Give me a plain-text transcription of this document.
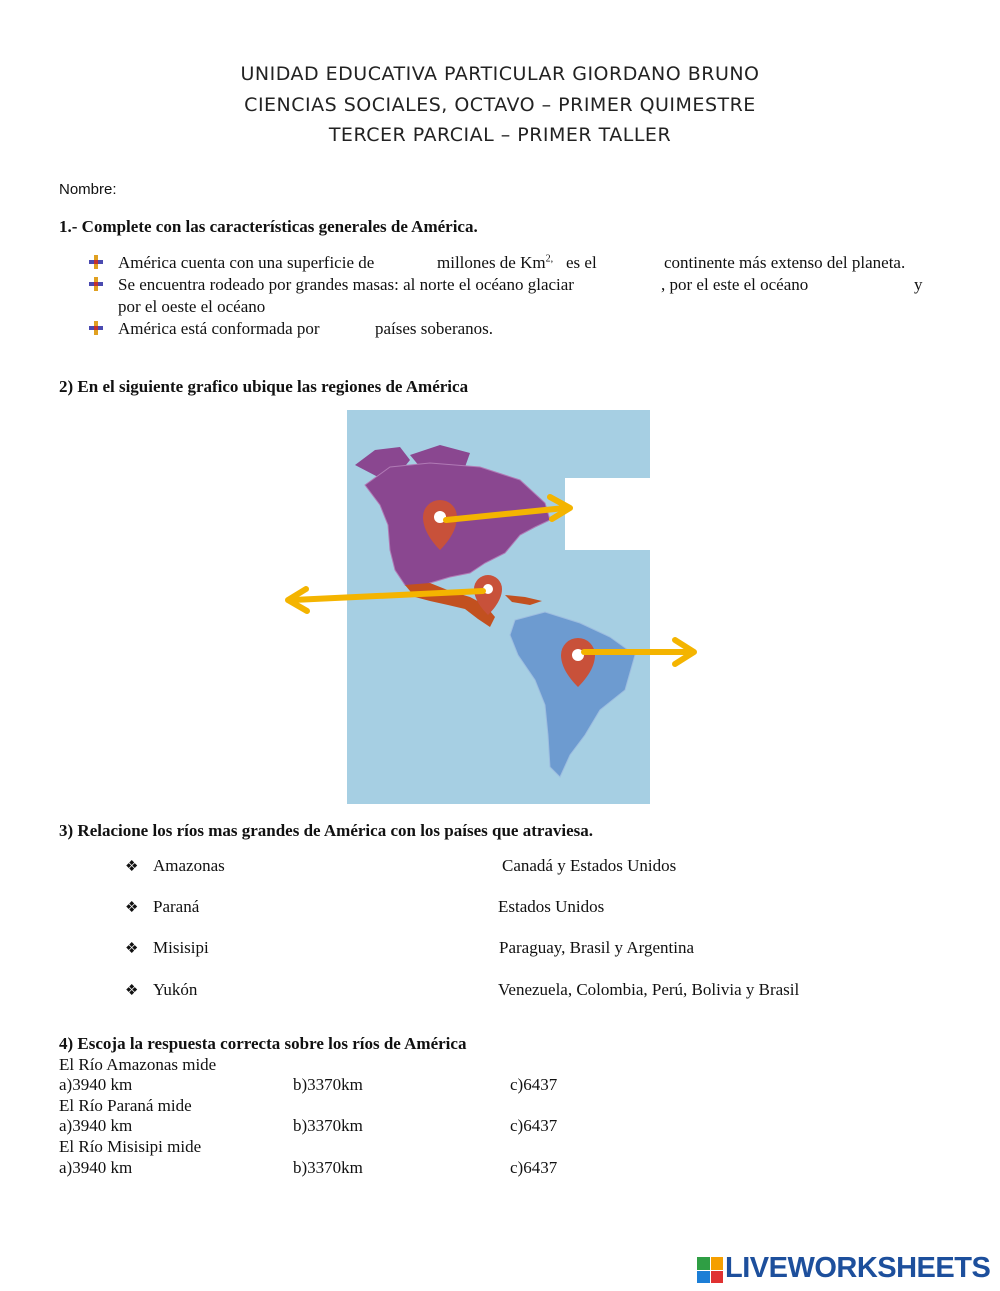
UNIDAD EDUCATIVA PARTICULAR GIORDANO BRUNO
CIENCIAS SOCIALES, OCTAVO – PRIMER QUIMESTRE
TERCER PARCIAL – PRIMER TALLER
Nombre:
1.- Complete con las características generales de América.
América cuenta con una superficie de	millones de $Km^{2,}$ es el	continente más extenso del planeta.
Se encuentra rodeado por grandes masas: al norte el océano glaciar	, por el este el océano	y
por el oeste el océano
América está conformada por	países soberanos.
2) En el siguiente grafico ubique las regiones de América
3) Relacione los ríos mas grandes de América con los países que atraviesa.
❖ Amazonas	Canadá y Estados Unidos
❖ Paraná	Estados Unidos
❖ Misisipi	Paraguay, Brasil y Argentina
❖ Yukón	Venezuela, Colombia, Perú, Bolivia y Brasil
4) Escoja la respuesta correcta sobre los ríos de América
El Río Amazonas mide
a)3940 km	b)3370km	c)6437
El Río Paraná mide
a)3940 km	b)3370km	c)6437
El Río Misisipi mide
a)3940 km	b)3370km	c)6437
LIVEWORKSHEETS
